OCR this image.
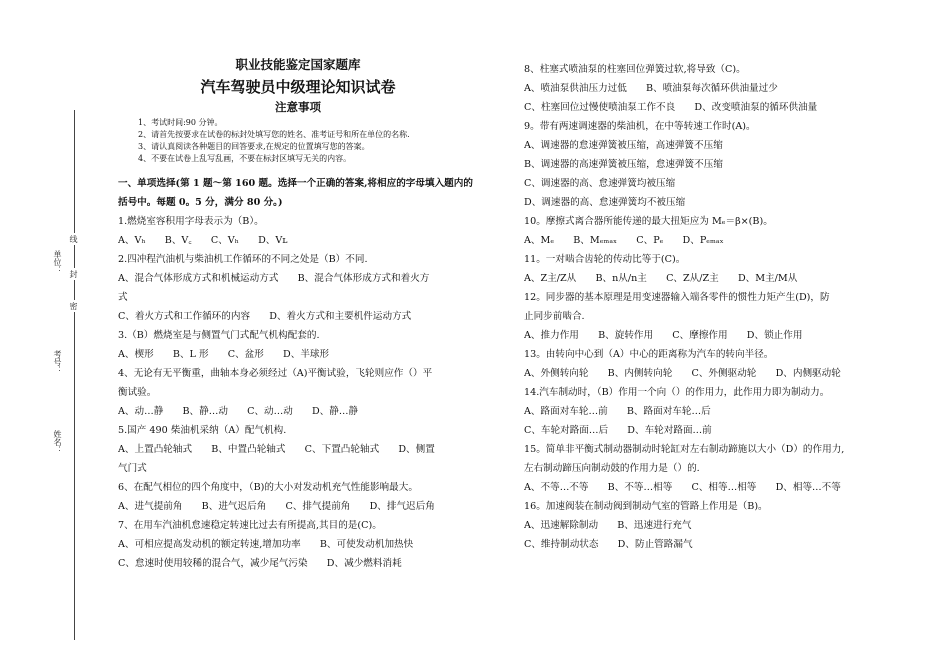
单位：
考号：
姓名：
线
封
密
职业技能鉴定国家题库
汽车驾驶员中级理论知识试卷
注意事项
1、考试时间:90 分钟。
2、请首先按要求在试卷的标封处填写您的姓名、准考证号和所在单位的名称.
3、请认真阅读各种题目的回答要求,在规定的位置填写您的答案。
4、不要在试卷上乱写乱画，不要在标封区填写无关的内容。
一、单项选择(第 1 题～第 160 题。选择一个正确的答案,将相应的字母填入题内的括号中。每题 0。5 分，满分 80 分。)
1.燃烧室容积用字母表示为（B）。
A、Vₕ　　B、V꜀　　C、Vₕ　　D、Vʟ
2.四冲程汽油机与柴油机工作循环的不同之处是（B）不同.
A、混合气体形成方式和机械运动方式　　B、混合气体形成方式和着火方
式
C、着火方式和工作循环的内容　　D、着火方式和主要机件运动方式
3.（B）燃烧室是与侧置气门式配气机构配套的.
A、楔形　　B、L 形　　C、盆形　　D、半球形
4、无论有无平衡重，曲轴本身必须经过（A)平衡试验，飞轮则应作（）平
衡试验。
A、动…静　　B、静…动　　C、动…动　　D、静…静
5.国产 490 柴油机采纳（A）配气机构.
A、上置凸轮轴式　　B、中置凸轮轴式　　C、下置凸轮轴式　　D、侧置
气门式
6、在配气相位的四个角度中，（B)的大小对发动机充气性能影响最大。
A、进气提前角　　B、进气迟后角　　C、排气提前角　　D、排气迟后角
7、在用车汽油机怠速稳定转速比过去有所提高,其目的是(C)。
A、可相应提高发动机的额定转速,增加功率　　B、可使发动机加热快
C、怠速时使用较稀的混合气，减少尾气污染　　D、减少燃料消耗
8、柱塞式喷油泵的柱塞回位弹簧过软,将导致（C)。
A、喷油泵供油压力过低　　B、喷油泵每次循环供油量过少
C、柱塞回位过慢使喷油泵工作不良　　D、改变喷油泵的循环供油量
9。带有两速调速器的柴油机，在中等转速工作时(A)。
A、调速器的怠速弹簧被压缩，高速弹簧不压缩
B、调速器的高速弹簧被压缩，怠速弹簧不压缩
C、调速器的高、怠速弹簧均被压缩
D、调速器的高、怠速弹簧均不被压缩
10。摩擦式离合器所能传递的最大扭矩应为 Mₑ＝β×(B)。
A、Mₑ　　B、Mₑₘₐₓ　　C、Pₑ　　D、Pₑₘₐₓ
11。一对啮合齿轮的传动比等于(C)。
A、Z主/Z从　　B、n从/n主　　C、Z从/Z主　　D、M主/M从
12。同步器的基本原理是用变速器输入端各零件的惯性力矩产生(D)，防
止同步前啮合.
A、推力作用　　B、旋转作用　　C、摩擦作用　　D、锁止作用
13。由转向中心到（A）中心的距离称为汽车的转向半径。
A、外侧转向轮　　B、内侧转向轮　　C、外侧驱动轮　　D、内侧驱动轮
14.汽车制动时，（B）作用一个向（）的作用力，此作用力即为制动力。
A、路面对车轮…前　　B、路面对车轮…后
C、车轮对路面…后　　D、车轮对路面…前
15。简单非平衡式制动器制动时轮缸对左右制动蹄施以大小（D）的作用力,
左右制动蹄压向制动鼓的作用力是（）的.
A、不等…不等　　B、不等…相等　　C、相等…相等　　D、相等…不等
16。加速阀装在制动阀到制动气室的管路上作用是（B)。
A、迅速解除制动　　B、迅速进行充气
C、维持制动状态　　D、防止管路漏气
